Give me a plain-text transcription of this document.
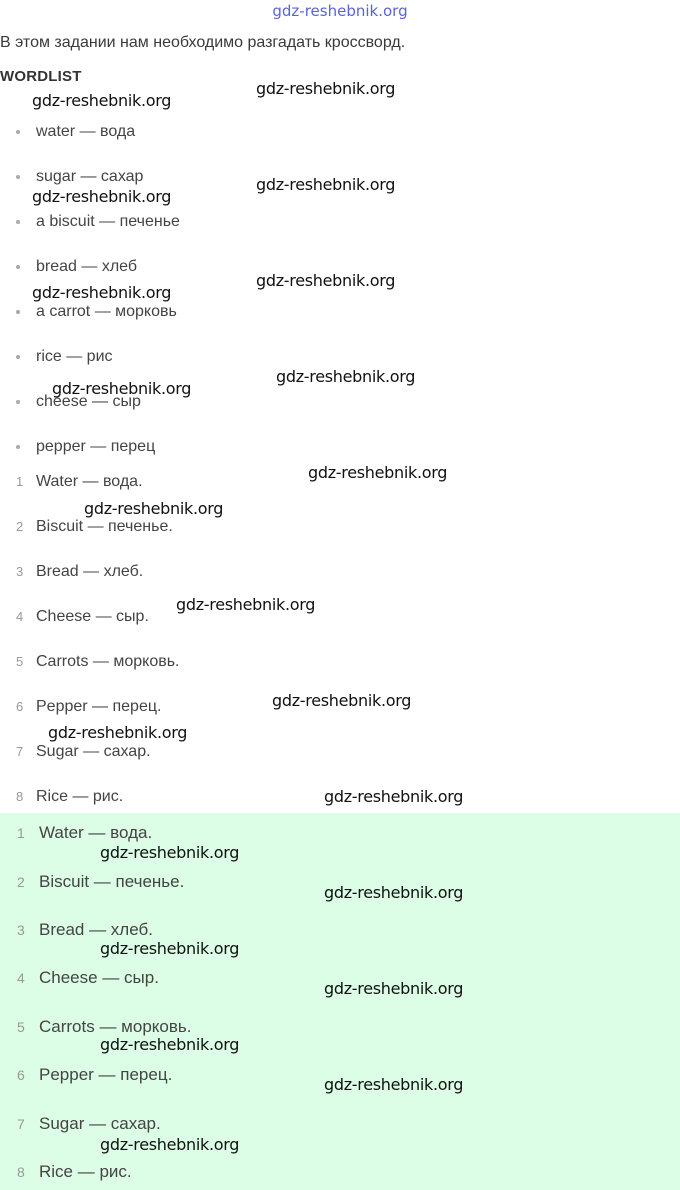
gdz-reshebnik.org
В этом задании нам необходимо разгадать кроссворд.
WORDLIST
water — вода
sugar — сахар
a biscuit — печенье
bread — хлеб
a carrot — морковь
rice — рис
cheese — сыр
pepper — перец
1 Water — вода.
2 Biscuit — печенье.
3 Bread — хлеб.
4 Cheese — сыр.
5 Carrots — морковь.
6 Pepper — перец.
7 Sugar — сахар.
8 Rice — рис.
1 Water — вода.
2 Biscuit — печенье.
3 Bread — хлеб.
4 Cheese — сыр.
5 Carrots — морковь.
6 Pepper — перец.
7 Sugar — сахар.
8 Rice — рис.
gdz-reshebnik.org
gdz-reshebnik.org
gdz-reshebnik.org
gdz-reshebnik.org
gdz-reshebnik.org
gdz-reshebnik.org
gdz-reshebnik.org
gdz-reshebnik.org
gdz-reshebnik.org
gdz-reshebnik.org
gdz-reshebnik.org
gdz-reshebnik.org
gdz-reshebnik.org
gdz-reshebnik.org
gdz-reshebnik.org
gdz-reshebnik.org
gdz-reshebnik.org
gdz-reshebnik.org
gdz-reshebnik.org
gdz-reshebnik.org
gdz-reshebnik.org
